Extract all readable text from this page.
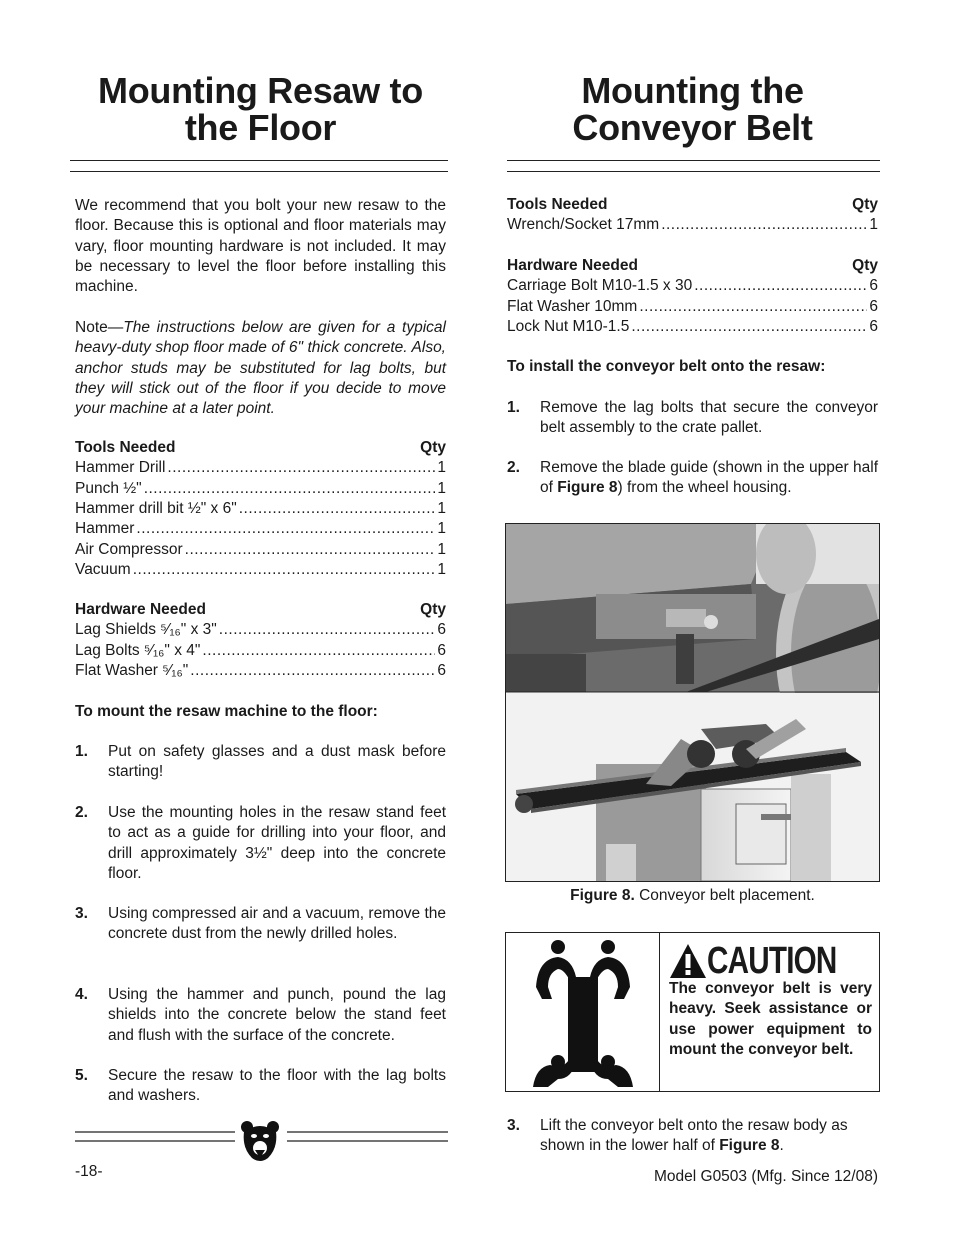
Mounting Resaw to
the Floor
We recommend that you bolt your new resaw to the floor. Because this is optional and floor materials may vary, floor mounting hardware is not included. It may be necessary to level the floor before installing this machine.
Note—The instructions below are given for a typical heavy-duty shop floor made of 6" thick concrete. Also, anchor studs may be substituted for lag bolts, but they will stick out of the floor if you decide to move your machine at a later point.
Tools Needed	Qty
Hammer Drill .....	1
Punch ½" .....	1
Hammer drill bit ½" x 6" .....	1
Hammer .....	1
Air Compressor .....	1
Vacuum .....	1
Hardware Needed	Qty
Lag Shields ⁵⁄₁₆" x 3" .....	6
Lag Bolts ⁵⁄₁₆" x 4" .....	6
Flat Washer ⁵⁄₁₆" .....	6
To mount the resaw machine to the floor:
1. Put on safety glasses and a dust mask before starting!
2. Use the mounting holes in the resaw stand feet to act as a guide for drilling into your floor, and drill approximately 3½" deep into the concrete floor.
3. Using compressed air and a vacuum, remove the concrete dust from the newly drilled holes.
4. Using the hammer and punch, pound the lag shields into the concrete below the stand feet and flush with the surface of the concrete.
5. Secure the resaw to the floor with the lag bolts and washers.
Mounting the
Conveyor Belt
Tools Needed	Qty
Wrench/Socket 17mm .....	1
Hardware Needed	Qty
Carriage Bolt M10-1.5 x 30 .....	6
Flat Washer 10mm .....	6
Lock Nut M10-1.5 .....	6
To install the conveyor belt onto the resaw:
1. Remove the lag bolts that secure the conveyor belt assembly to the crate pallet.
2. Remove the blade guide (shown in the upper half of Figure 8) from the wheel housing.
Figure 8. Conveyor belt placement.
CAUTION
The conveyor belt is very heavy. Seek assistance or use power equipment to mount the conveyor belt.
3. Lift the conveyor belt onto the resaw body as shown in the lower half of Figure 8.
-18-	Model G0503 (Mfg. Since 12/08)
